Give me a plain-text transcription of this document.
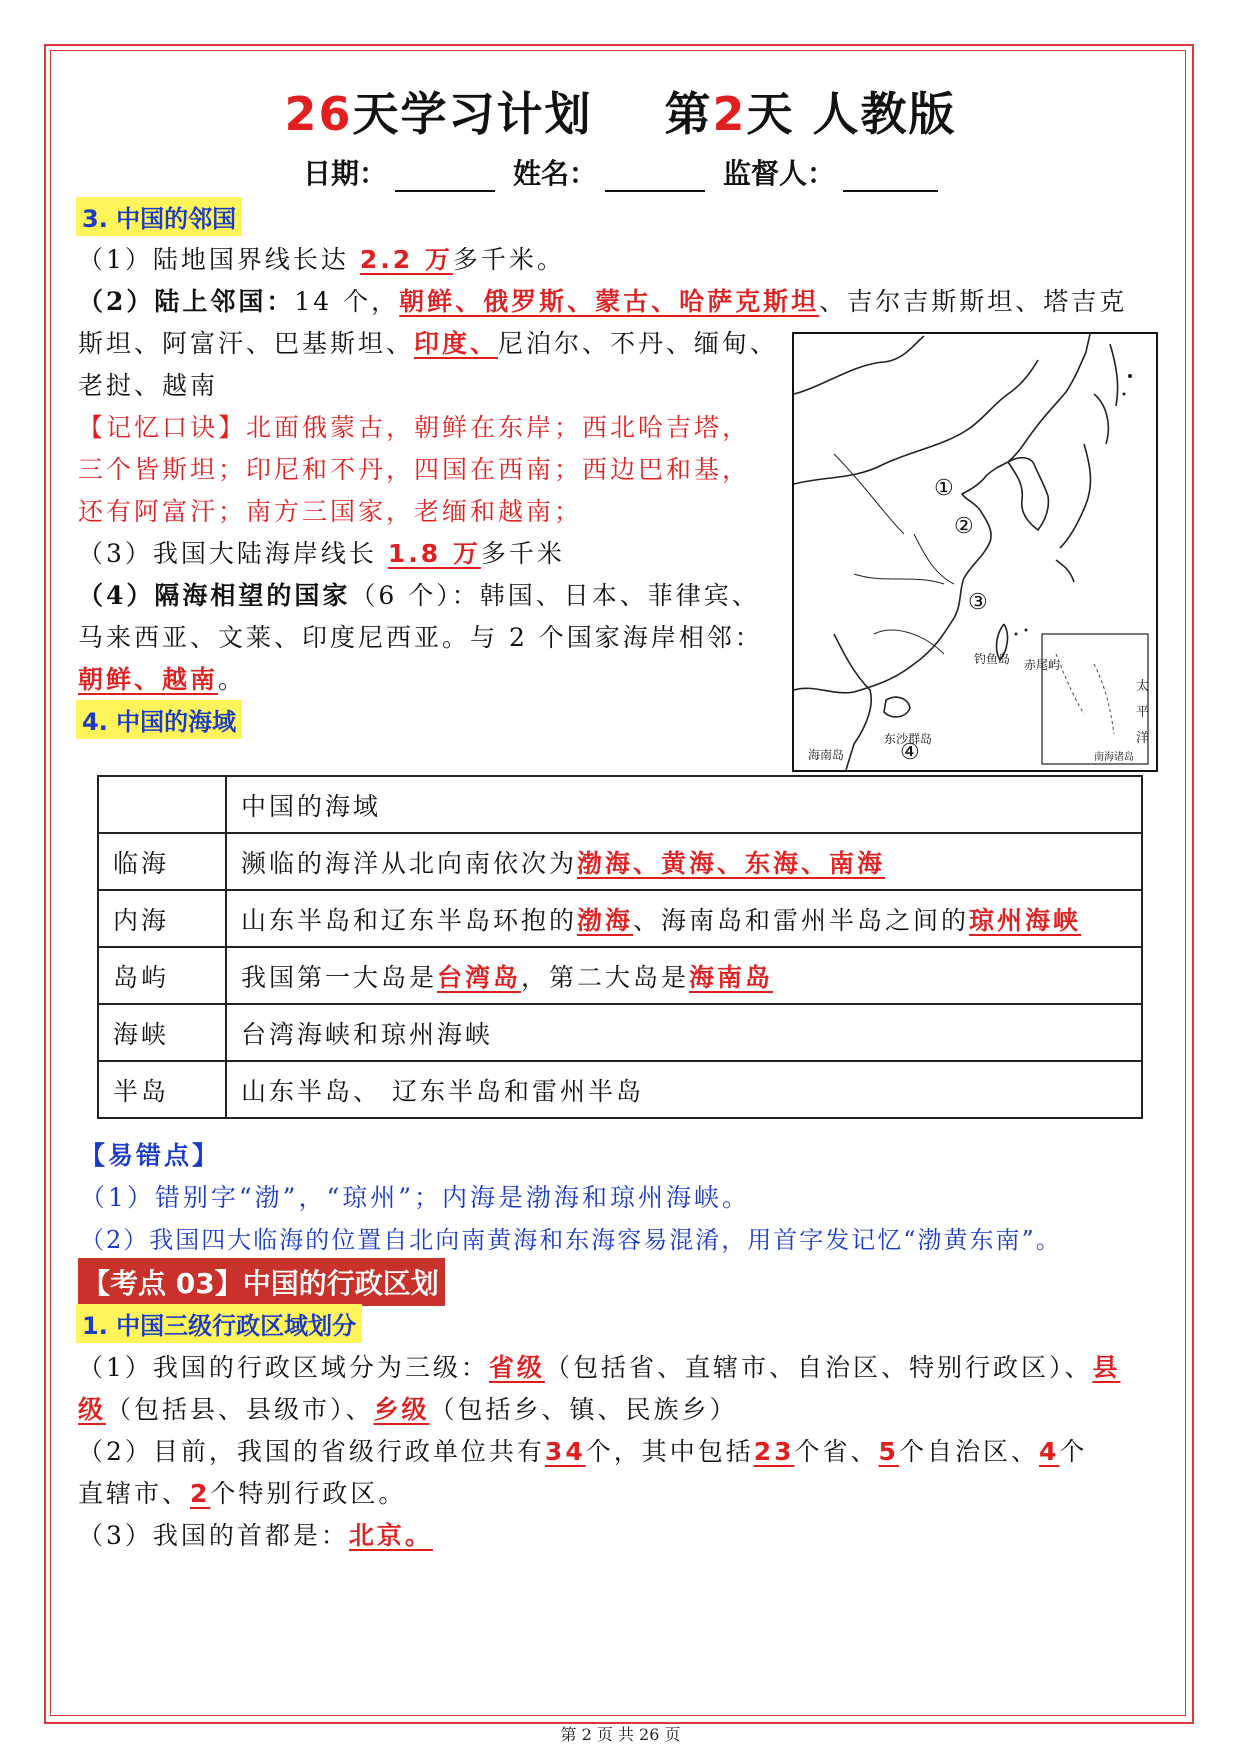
26天学习计划 第2天 人教版
日期：	姓名：	监督人：
3. 中国的邻国
（1）陆地国界线长达 2.2 万多千米。
（2）陆上邻国：14 个，朝鲜、俄罗斯、蒙古、哈萨克斯坦、吉尔吉斯斯坦、塔吉克
斯坦、阿富汗、巴基斯坦、印度、尼泊尔、不丹、缅甸、
老挝、越南
【记忆口诀】北面俄蒙古，朝鲜在东岸；西北哈吉塔，
三个皆斯坦；印尼和不丹，四国在西南；西边巴和基，
还有阿富汗；南方三国家，老缅和越南；
（3）我国大陆海岸线长 1.8 万多千米
（4）隔海相望的国家（6 个）：韩国、日本、菲律宾、
马来西亚、文莱、印度尼西亚。与 2 个国家海岸相邻：
朝鲜、越南。
4. 中国的海域
①
②
③
④
钓鱼岛 赤尾屿
东沙群岛
海南岛	南海诸岛
太平洋
	中国的海域
临海	濒临的海洋从北向南依次为渤海、黄海、东海、南海
内海	山东半岛和辽东半岛环抱的渤海、海南岛和雷州半岛之间的琼州海峡
岛屿	我国第一大岛是台湾岛，第二大岛是海南岛
海峡	台湾海峡和琼州海峡
半岛	山东半岛、 辽东半岛和雷州半岛
【易错点】
（1）错别字“渤”，“琼州”；内海是渤海和琼州海峡。
（2）我国四大临海的位置自北向南黄海和东海容易混淆，用首字发记忆“渤黄东南”。
【考点 03】中国的行政区划
1. 中国三级行政区域划分
（1）我国的行政区域分为三级：省级（包括省、直辖市、自治区、特别行政区）、县
级（包括县、县级市）、乡级（包括乡、镇、民族乡）
（2）目前，我国的省级行政单位共有34个，其中包括23个省、5个自治区、4个
直辖市、2个特别行政区。
（3）我国的首都是：北京。
第 2 页 共 26 页
